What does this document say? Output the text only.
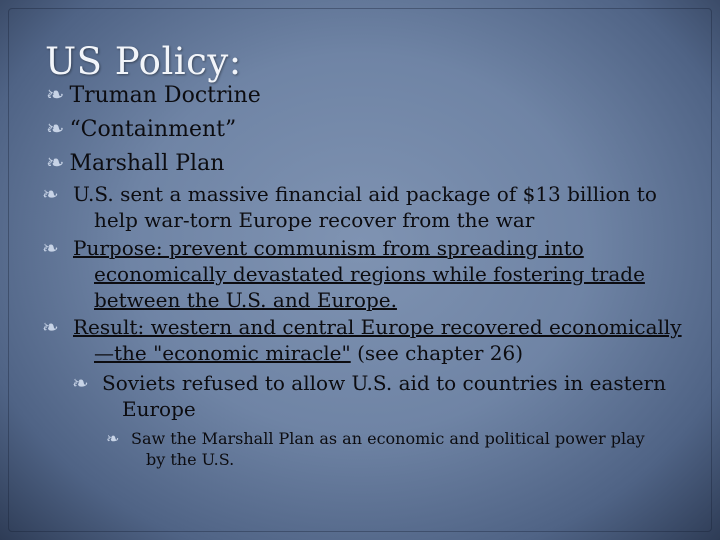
US Policy:
❧ Truman Doctrine
❧ “Containment”
❧ Marshall Plan
❧ U.S. sent a massive financial aid package of $13 billion to help war-torn Europe recover from the war
❧ Purpose: prevent communism from spreading into economically devastated regions while fostering trade between the U.S. and Europe.
❧ Result: western and central Europe recovered economically—the "economic miracle" (see chapter 26)
❧ Soviets refused to allow U.S. aid to countries in eastern Europe
❧ Saw the Marshall Plan as an economic and political power play by the U.S.
